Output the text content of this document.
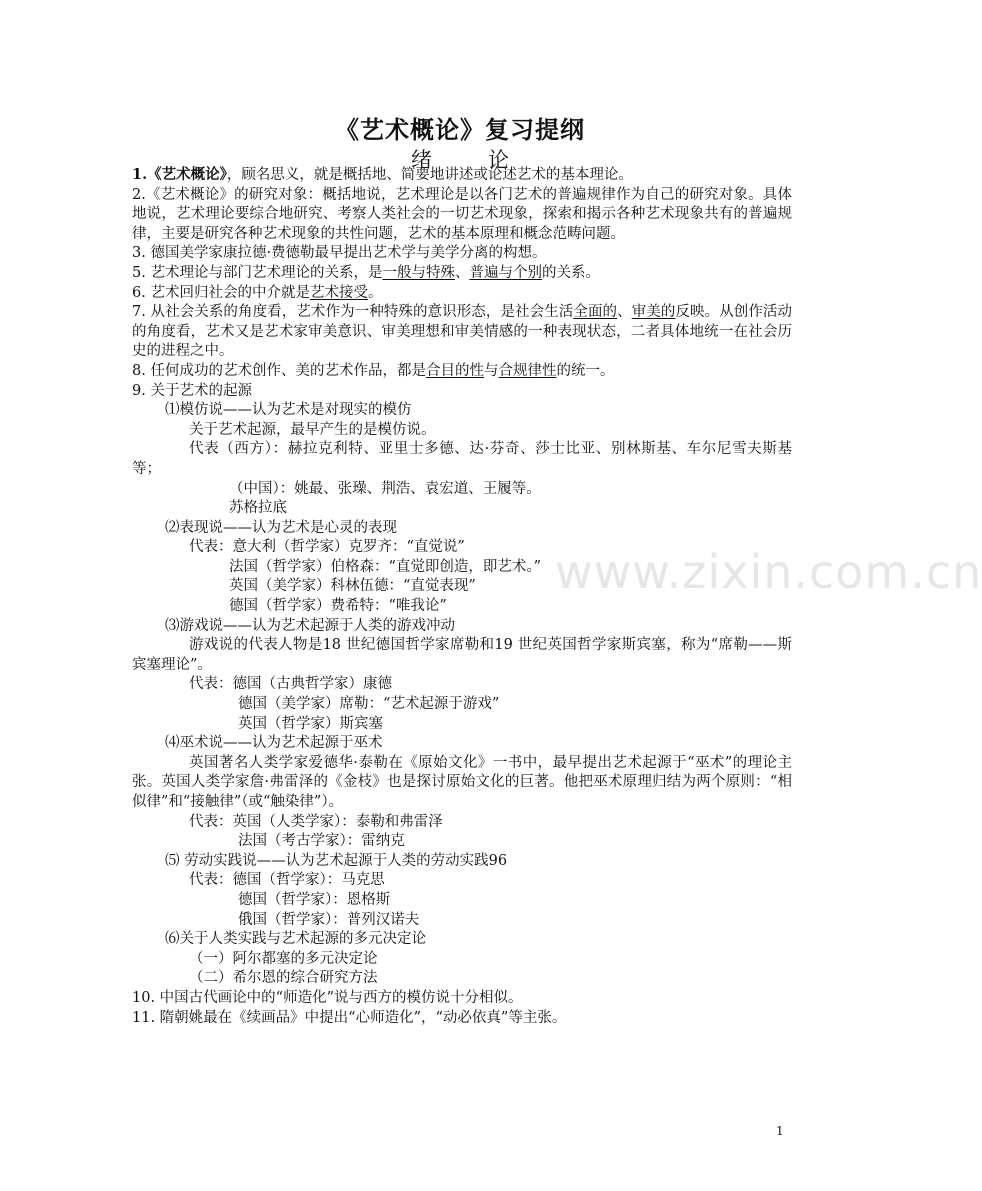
www.zixin.com.cn
《艺术概论》复习提纲
绪	论
1.《艺术概论》，顾名思义，就是概括地、简要地讲述或论述艺术的基本理论。
2.《艺术概论》的研究对象：概括地说，艺术理论是以各门艺术的普遍规律作为自己的研究对象。具体地说，艺术理论要综合地研究、考察人类社会的一切艺术现象，探索和揭示各种艺术现象共有的普遍规律，主要是研究各种艺术现象的共性问题，艺术的基本原理和概念范畴问题。
3. 德国美学家康拉德·费德勒最早提出艺术学与美学分离的构想。
5. 艺术理论与部门艺术理论的关系，是一般与特殊、普遍与个别的关系。
6. 艺术回归社会的中介就是艺术接受。
7. 从社会关系的角度看，艺术作为一种特殊的意识形态，是社会生活全面的、审美的反映。从创作活动的角度看，艺术又是艺术家审美意识、审美理想和审美情感的一种表现状态，二者具体地统一在社会历史的进程之中。
8. 任何成功的艺术创作、美的艺术作品，都是合目的性与合规律性的统一。
9. 关于艺术的起源
⑴模仿说——认为艺术是对现实的模仿
关于艺术起源，最早产生的是模仿说。
代表（西方）：赫拉克利特、亚里士多德、达·芬奇、莎士比亚、别林斯基、车尔尼雪夫斯基等；
（中国）：姚最、张璪、荆浩、袁宏道、王履等。
苏格拉底
⑵表现说——认为艺术是心灵的表现
代表：意大利（哲学家）克罗齐：“直觉说”
法国（哲学家）伯格森：“直觉即创造，即艺术。”
英国（美学家）科林伍德：“直觉表现”
德国（哲学家）费希特：“唯我论”
⑶游戏说——认为艺术起源于人类的游戏冲动
游戏说的代表人物是18 世纪德国哲学家席勒和19 世纪英国哲学家斯宾塞，称为“席勒——斯宾塞理论”。
代表：德国（古典哲学家）康德
德国（美学家）席勒：“艺术起源于游戏”
英国（哲学家）斯宾塞
⑷巫术说——认为艺术起源于巫术
英国著名人类学家爱德华·泰勒在《原始文化》一书中，最早提出艺术起源于“巫术”的理论主张。英国人类学家詹·弗雷泽的《金枝》也是探讨原始文化的巨著。他把巫术原理归结为两个原则：“相似律”和“接触律”（或“触染律”）。
代表：英国（人类学家）：泰勒和弗雷泽
法国（考古学家）：雷纳克
⑸ 劳动实践说——认为艺术起源于人类的劳动实践96
代表：德国（哲学家）：马克思
德国（哲学家）：恩格斯
俄国（哲学家）：普列汉诺夫
⑹关于人类实践与艺术起源的多元决定论
（一）阿尔都塞的多元决定论
（二）希尔恩的综合研究方法
10. 中国古代画论中的“师造化”说与西方的模仿说十分相似。
11. 隋朝姚最在《续画品》中提出“心师造化”，“动必依真”等主张。
1
